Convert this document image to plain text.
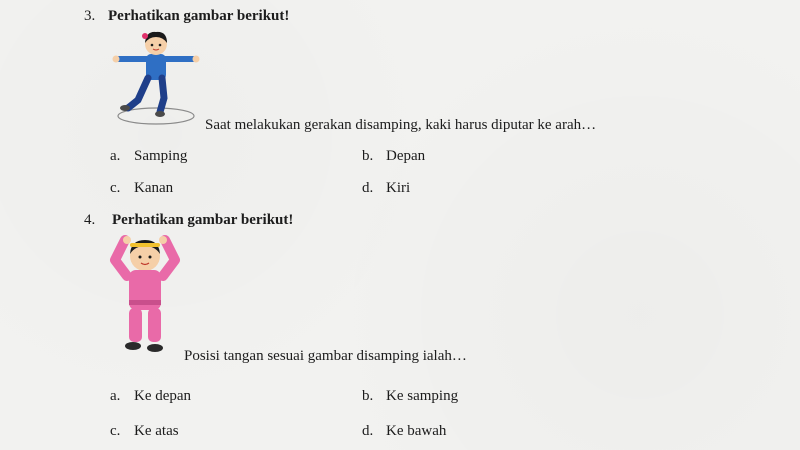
3. Perhatikan gambar berikut!
Saat melakukan gerakan disamping, kaki harus diputar ke arah…
a. Samping	b. Depan
c. Kanan	d. Kiri
4. Perhatikan gambar berikut!
Posisi tangan sesuai gambar disamping ialah…
a. Ke depan	b. Ke samping
c. Ke atas	d. Ke bawah
